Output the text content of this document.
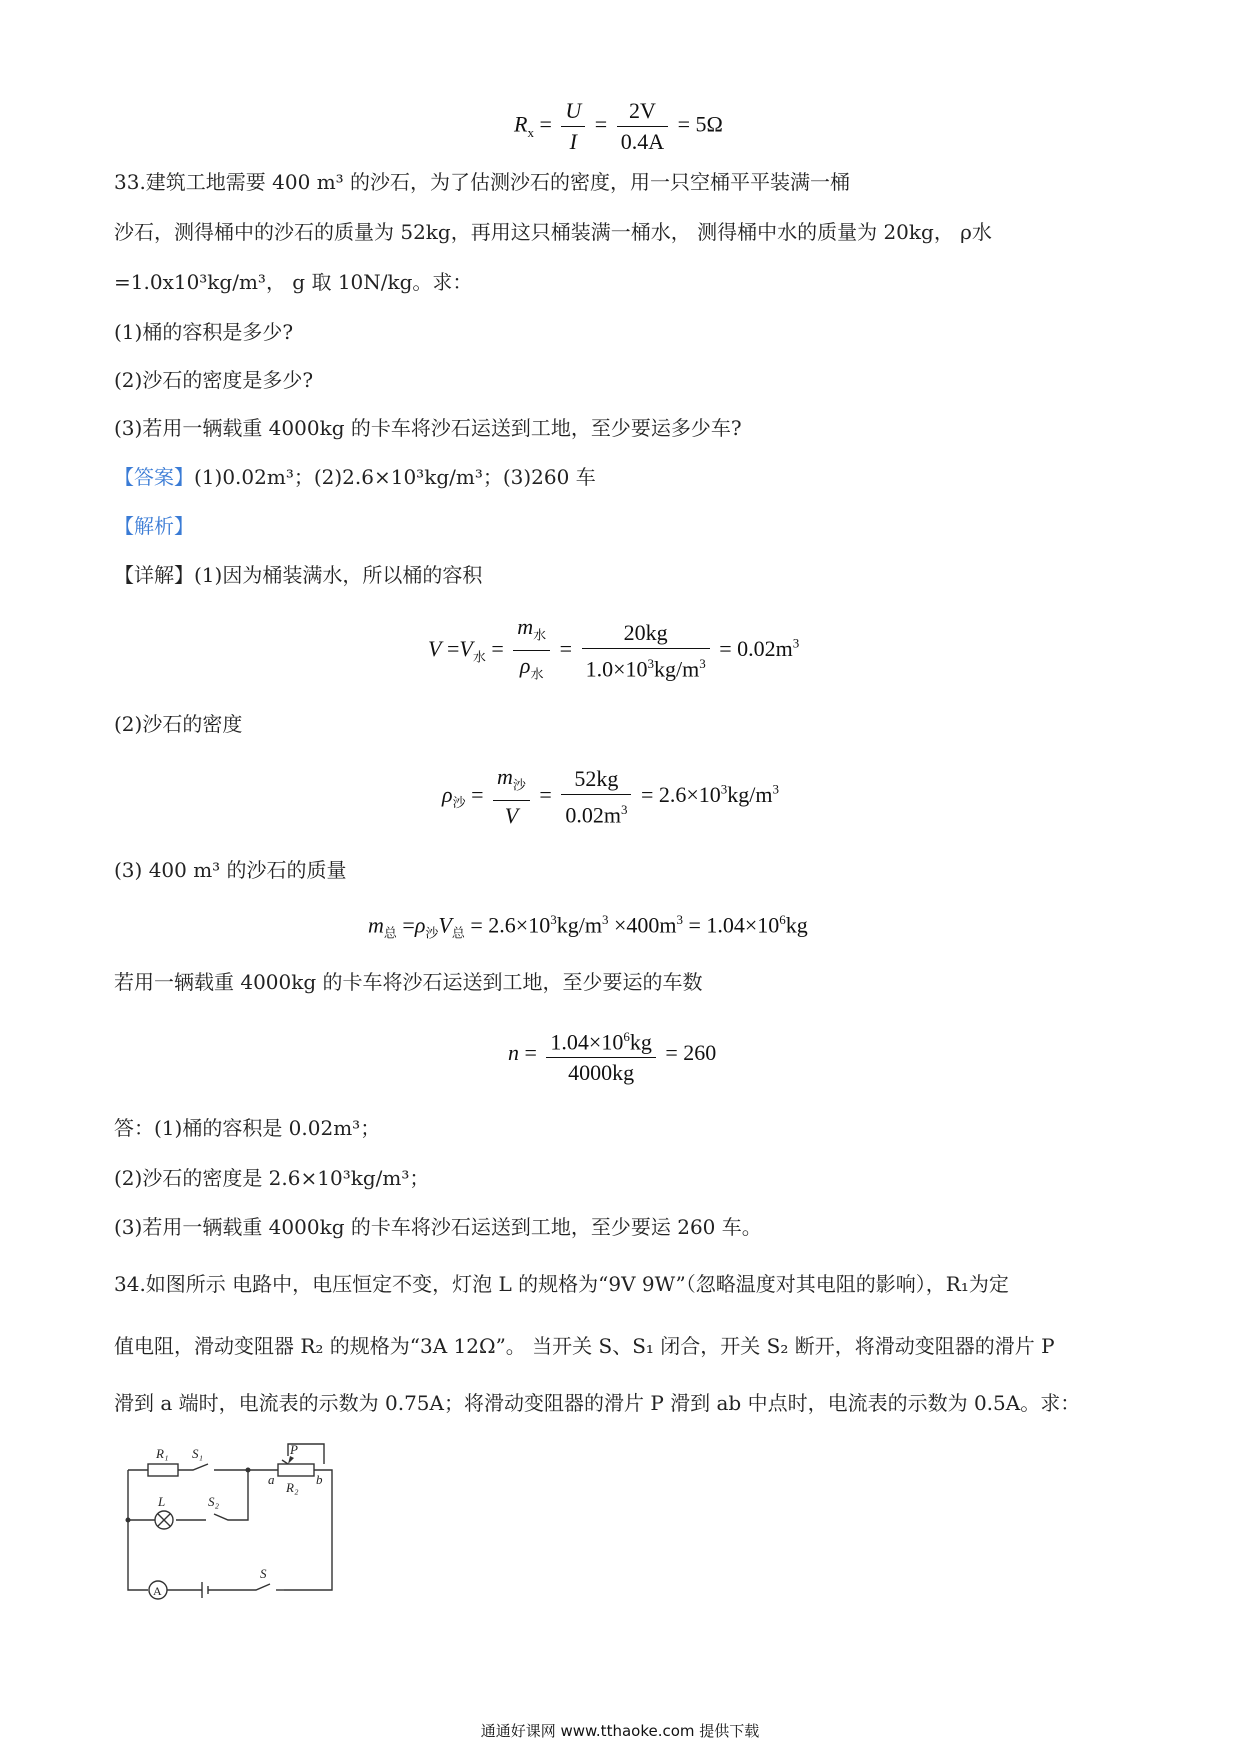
$R_x = \frac{U}{I} = \frac{2V}{0.4A} = 5\Omega$
33.建筑工地需要 400 m³ 的沙石，为了估测沙石的密度，用一只空桶平平装满一桶
沙石，测得桶中的沙石的质量为 52kg，再用这只桶装满一桶水， 测得桶中水的质量为 20kg， ρ水
=1.0x10³kg/m³， g 取 10N/kg。求：
(1)桶的容积是多少?
(2)沙石的密度是多少?
(3)若用一辆载重 4000kg 的卡车将沙石运送到工地，至少要运多少车?
【答案】(1)0.02m³；(2)2.6×10³kg/m³；(3)260 车
【解析】
【详解】(1)因为桶装满水，所以桶的容积
$V =V_水 = \frac{m_水}{\rho_水} = \frac{20kg}{1.0\times 10^3kg/m^3} = 0.02m^3$
(2)沙石的密度
$\rho_沙 = \frac{m_沙}{V} = \frac{52kg}{0.02m^3} = 2.6\times 10^3kg/m^3$
(3) 400 m³ 的沙石的质量
$m_总 =\rho_沙V_总 = 2.6\times 10^3kg/m^3 \times 400m^3 = 1.04\times 10^6kg$
若用一辆载重 4000kg 的卡车将沙石运送到工地，至少要运的车数
$n = \frac{1.04\times 10^6kg}{4000kg} = 260$
答：(1)桶的容积是 0.02m³；
(2)沙石的密度是 2.6×10³kg/m³；
(3)若用一辆载重 4000kg 的卡车将沙石运送到工地，至少要运 260 车。
34.如图所示 电路中，电压恒定不变，灯泡 L 的规格为“9V 9W”（忽略温度对其电阻的影响），R₁为定
值电阻，滑动变阻器 R₂ 的规格为“3A 12Ω”。 当开关 S、S₁ 闭合，开关 S₂ 断开，将滑动变阻器的滑片 P
滑到 a 端时，电流表的示数为 0.75A；将滑动变阻器的滑片 P 滑到 ab 中点时，电流表的示数为 0.5A。求：
R₁ S₁	P
a
R₂
b
L	S₂
S
A
通通好课网 www.tthaoke.com 提供下载
